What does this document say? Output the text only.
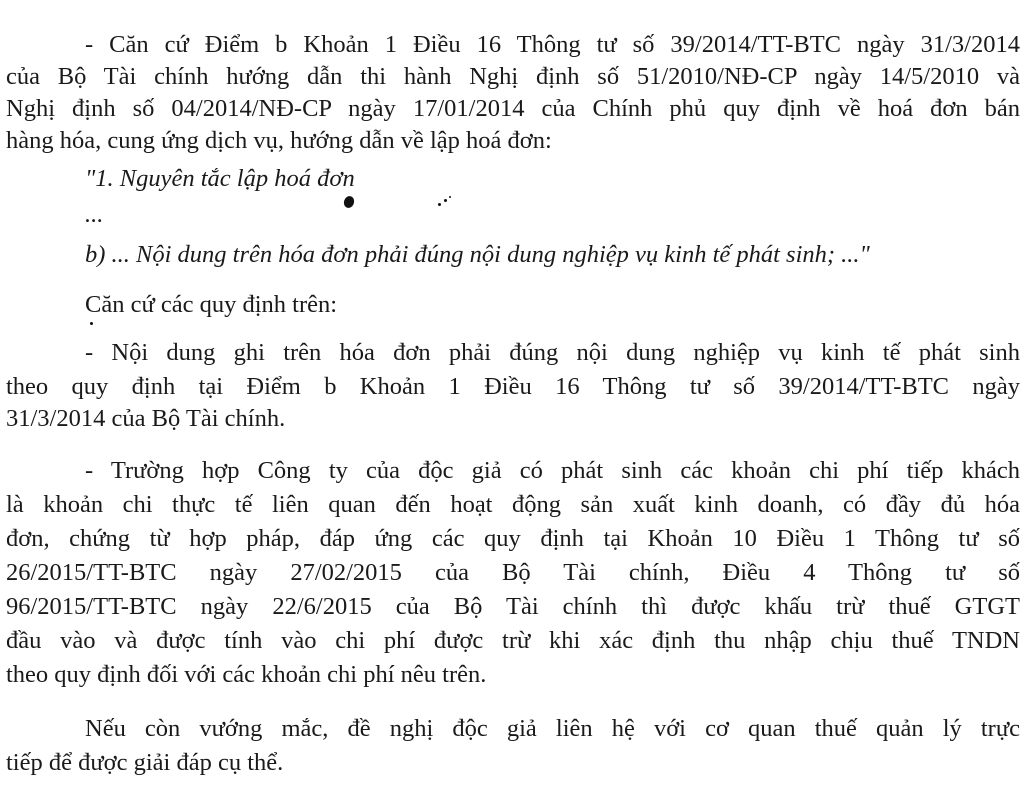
- Căn cứ Điểm b Khoản 1 Điều 16 Thông tư số 39/2014/TT-BTC ngày 31/3/2014
của Bộ Tài chính hướng dẫn thi hành Nghị định số 51/2010/NĐ-CP ngày 14/5/2010 và
Nghị định số 04/2014/NĐ-CP ngày 17/01/2014 của Chính phủ quy định về hoá đơn bán
hàng hóa, cung ứng dịch vụ, hướng dẫn về lập hoá đơn:
"1. Nguyên tắc lập hoá đơn
...
b) ... Nội dung trên hóa đơn phải đúng nội dung nghiệp vụ kinh tế phát sinh; ..."
Căn cứ các quy định trên:
- Nội dung ghi trên hóa đơn phải đúng nội dung nghiệp vụ kinh tế phát sinh
theo quy định tại Điểm b Khoản 1 Điều 16 Thông tư số 39/2014/TT-BTC ngày
31/3/2014 của Bộ Tài chính.
- Trường hợp Công ty của độc giả có phát sinh các khoản chi phí tiếp khách
là khoản chi thực tế liên quan đến hoạt động sản xuất kinh doanh, có đầy đủ hóa
đơn, chứng từ hợp pháp, đáp ứng các quy định tại Khoản 10 Điều 1 Thông tư số
26/2015/TT-BTC ngày 27/02/2015 của Bộ Tài chính, Điều 4 Thông tư số
96/2015/TT-BTC ngày 22/6/2015 của Bộ Tài chính thì được khấu trừ thuế GTGT
đầu vào và được tính vào chi phí được trừ khi xác định thu nhập chịu thuế TNDN
theo quy định đối với các khoản chi phí nêu trên.
Nếu còn vướng mắc, đề nghị độc giả liên hệ với cơ quan thuế quản lý trực
tiếp để được giải đáp cụ thể.
